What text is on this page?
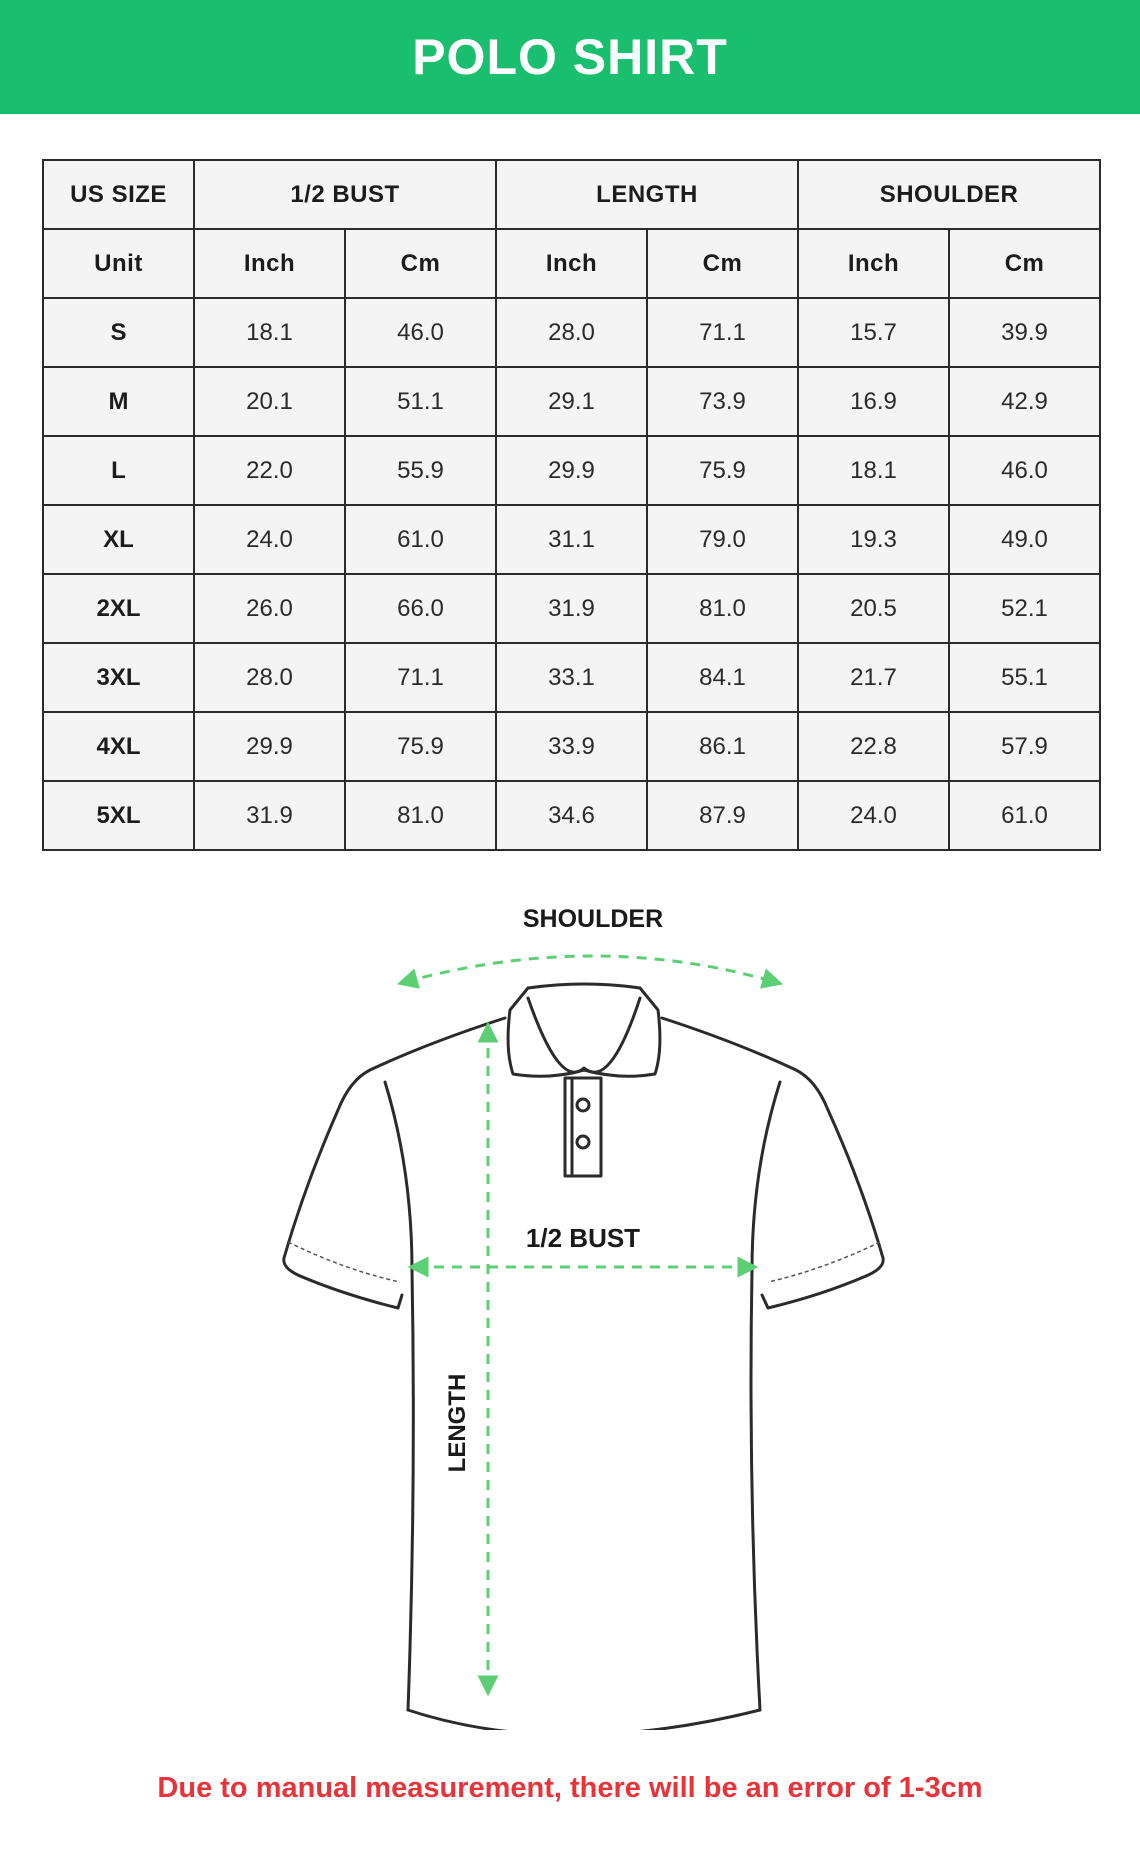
POLO SHIRT
US SIZE	1/2 BUST		LENGTH		SHOULDER	
Unit	Inch	Cm	Inch	Cm	Inch	Cm
S	18.1	46.0	28.0	71.1	15.7	39.9
M	20.1	51.1	29.1	73.9	16.9	42.9
L	22.0	55.9	29.9	75.9	18.1	46.0
XL	24.0	61.0	31.1	79.0	19.3	49.0
2XL	26.0	66.0	31.9	81.0	20.5	52.1
3XL	28.0	71.1	33.1	84.1	21.7	55.1
4XL	29.9	75.9	33.9	86.1	22.8	57.9
5XL	31.9	81.0	34.6	87.9	24.0	61.0
SHOULDER
1/2 BUST
LENGTH
Due to manual measurement, there will be an error of 1-3cm
